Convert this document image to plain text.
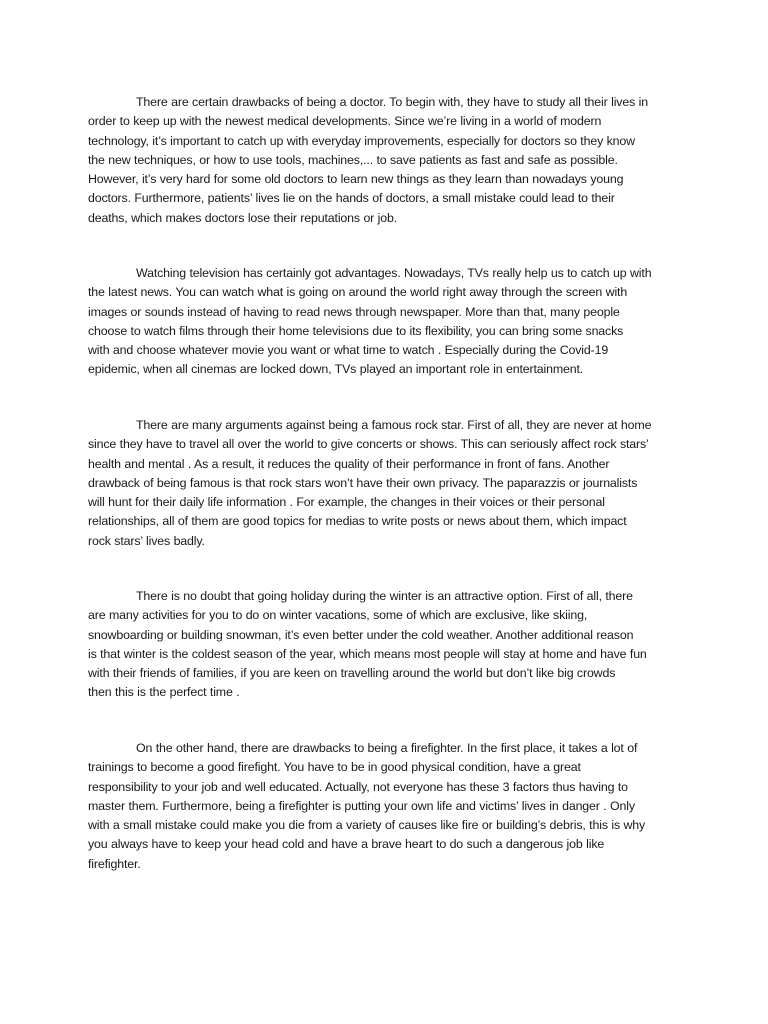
There are certain drawbacks of being a doctor. To begin with, they have to study all their lives in
order to keep up with the newest medical developments. Since we’re living in a world of modern
technology, it’s important to catch up with everyday improvements, especially for doctors so they know
the new techniques, or how to use tools, machines,... to save patients as fast and safe as possible.
However, it’s very hard for some old doctors to learn new things as they learn than nowadays young
doctors. Furthermore, patients’ lives lie on the hands of doctors, a small mistake could lead to their
deaths, which makes doctors lose their reputations or job.

Watching television has certainly got advantages. Nowadays, TVs really help us to catch up with
the latest news. You can watch what is going on around the world right away through the screen with
images or sounds instead of having to read news through newspaper. More than that, many people
choose to watch films through their home televisions due to its flexibility, you can bring some snacks
with and choose whatever movie you want or what time to watch . Especially during the Covid-19
epidemic, when all cinemas are locked down, TVs played an important role in entertainment.

There are many arguments against being a famous rock star. First of all, they are never at home
since they have to travel all over the world to give concerts or shows. This can seriously affect rock stars’
health and mental . As a result, it reduces the quality of their performance in front of fans. Another
drawback of being famous is that rock stars won’t have their own privacy. The paparazzis or journalists
will hunt for their daily life information . For example, the changes in their voices or their personal
relationships, all of them are good topics for medias to write posts or news about them, which impact
rock stars’ lives badly.

There is no doubt that going holiday during the winter is an attractive option. First of all, there
are many activities for you to do on winter vacations, some of which are exclusive, like skiing,
snowboarding or building snowman, it’s even better under the cold weather. Another additional reason
is that winter is the coldest season of the year, which means most people will stay at home and have fun
with their friends of families, if you are keen on travelling around the world but don’t like big crowds
then this is the perfect time .

On the other hand, there are drawbacks to being a firefighter. In the first place, it takes a lot of
trainings to become a good firefight. You have to be in good physical condition, have a great
responsibility to your job and well educated. Actually, not everyone has these 3 factors thus having to
master them. Furthermore, being a firefighter is putting your own life and victims’ lives in danger . Only
with a small mistake could make you die from a variety of causes like fire or building’s debris, this is why
you always have to keep your head cold and have a brave heart to do such a dangerous job like
firefighter.
